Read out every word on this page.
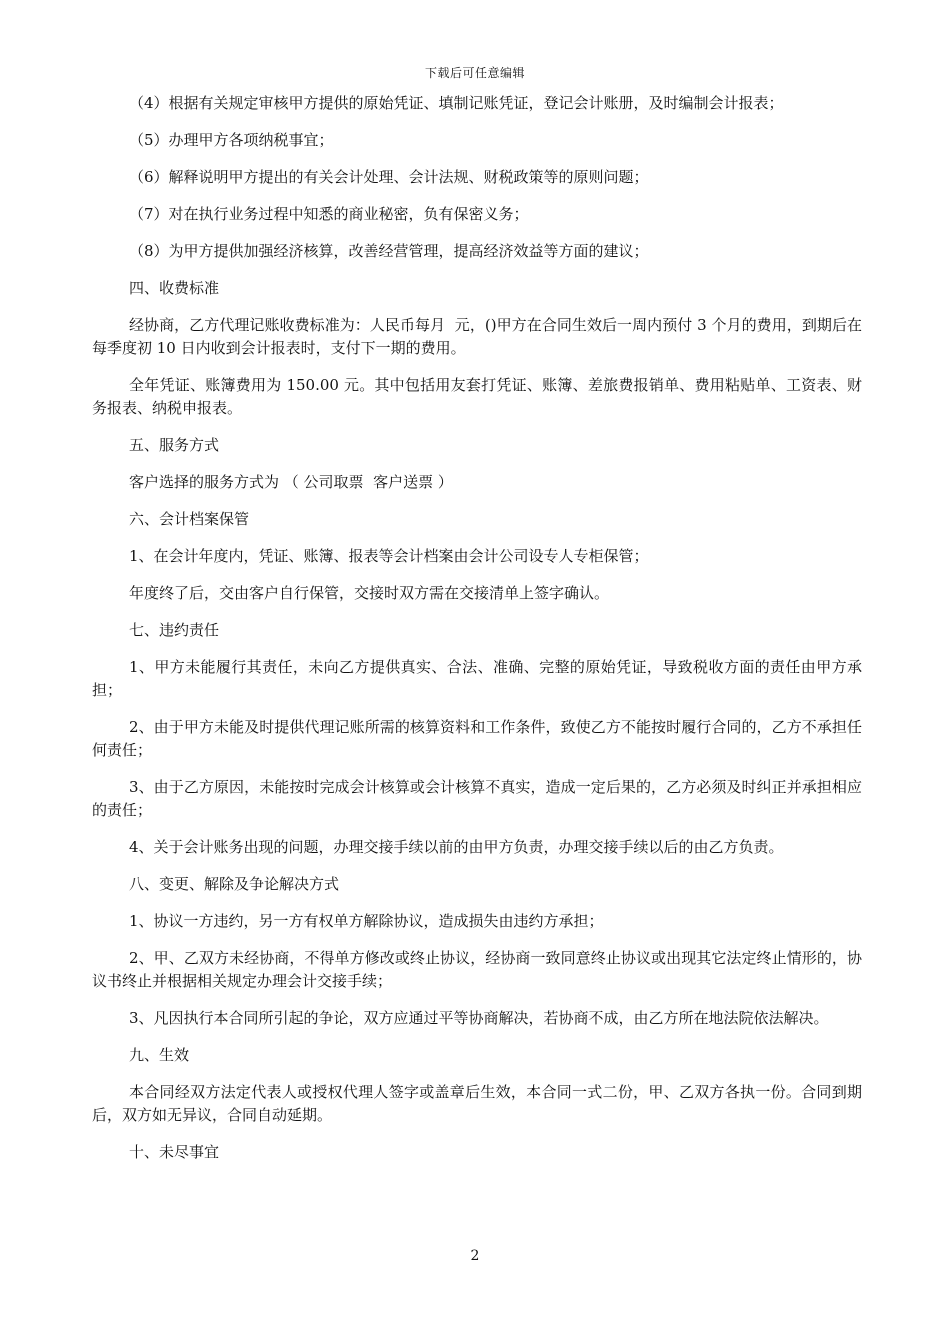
下载后可任意编辑

（4）根据有关规定审核甲方提供的原始凭证、填制记账凭证，登记会计账册，及时编制会计报表；

（5）办理甲方各项纳税事宜；

（6）解释说明甲方提出的有关会计处理、会计法规、财税政策等的原则问题；

（7）对在执行业务过程中知悉的商业秘密，负有保密义务；

（8）为甲方提供加强经济核算，改善经营管理，提高经济效益等方面的建议；

四、收费标准

经协商，乙方代理记账收费标准为：人民币每月  元，()甲方在合同生效后一周内预付 3 个月的费用，到期后在每季度初 10 日内收到会计报表时，支付下一期的费用。

全年凭证、账簿费用为 150.00 元。其中包括用友套打凭证、账簿、差旅费报销单、费用粘贴单、工资表、财务报表、纳税申报表。

五、服务方式

客户选择的服务方式为 （ 公司取票  客户送票 ）

六、会计档案保管

1、在会计年度内，凭证、账簿、报表等会计档案由会计公司设专人专柜保管；

年度终了后，交由客户自行保管，交接时双方需在交接清单上签字确认。

七、违约责任

1、甲方未能履行其责任，未向乙方提供真实、合法、准确、完整的原始凭证，导致税收方面的责任由甲方承担；

2、由于甲方未能及时提供代理记账所需的核算资料和工作条件，致使乙方不能按时履行合同的，乙方不承担任何责任；

3、由于乙方原因，未能按时完成会计核算或会计核算不真实，造成一定后果的，乙方必须及时纠正并承担相应的责任；

4、关于会计账务出现的问题，办理交接手续以前的由甲方负责，办理交接手续以后的由乙方负责。

八、变更、解除及争论解决方式

1、协议一方违约，另一方有权单方解除协议，造成损失由违约方承担；

2、甲、乙双方未经协商，不得单方修改或终止协议，经协商一致同意终止协议或出现其它法定终止情形的，协议书终止并根据相关规定办理会计交接手续；

3、凡因执行本合同所引起的争论，双方应通过平等协商解决，若协商不成，由乙方所在地法院依法解决。

九、生效

本合同经双方法定代表人或授权代理人签字或盖章后生效，本合同一式二份，甲、乙双方各执一份。合同到期后，双方如无异议，合同自动延期。

十、未尽事宜

2
